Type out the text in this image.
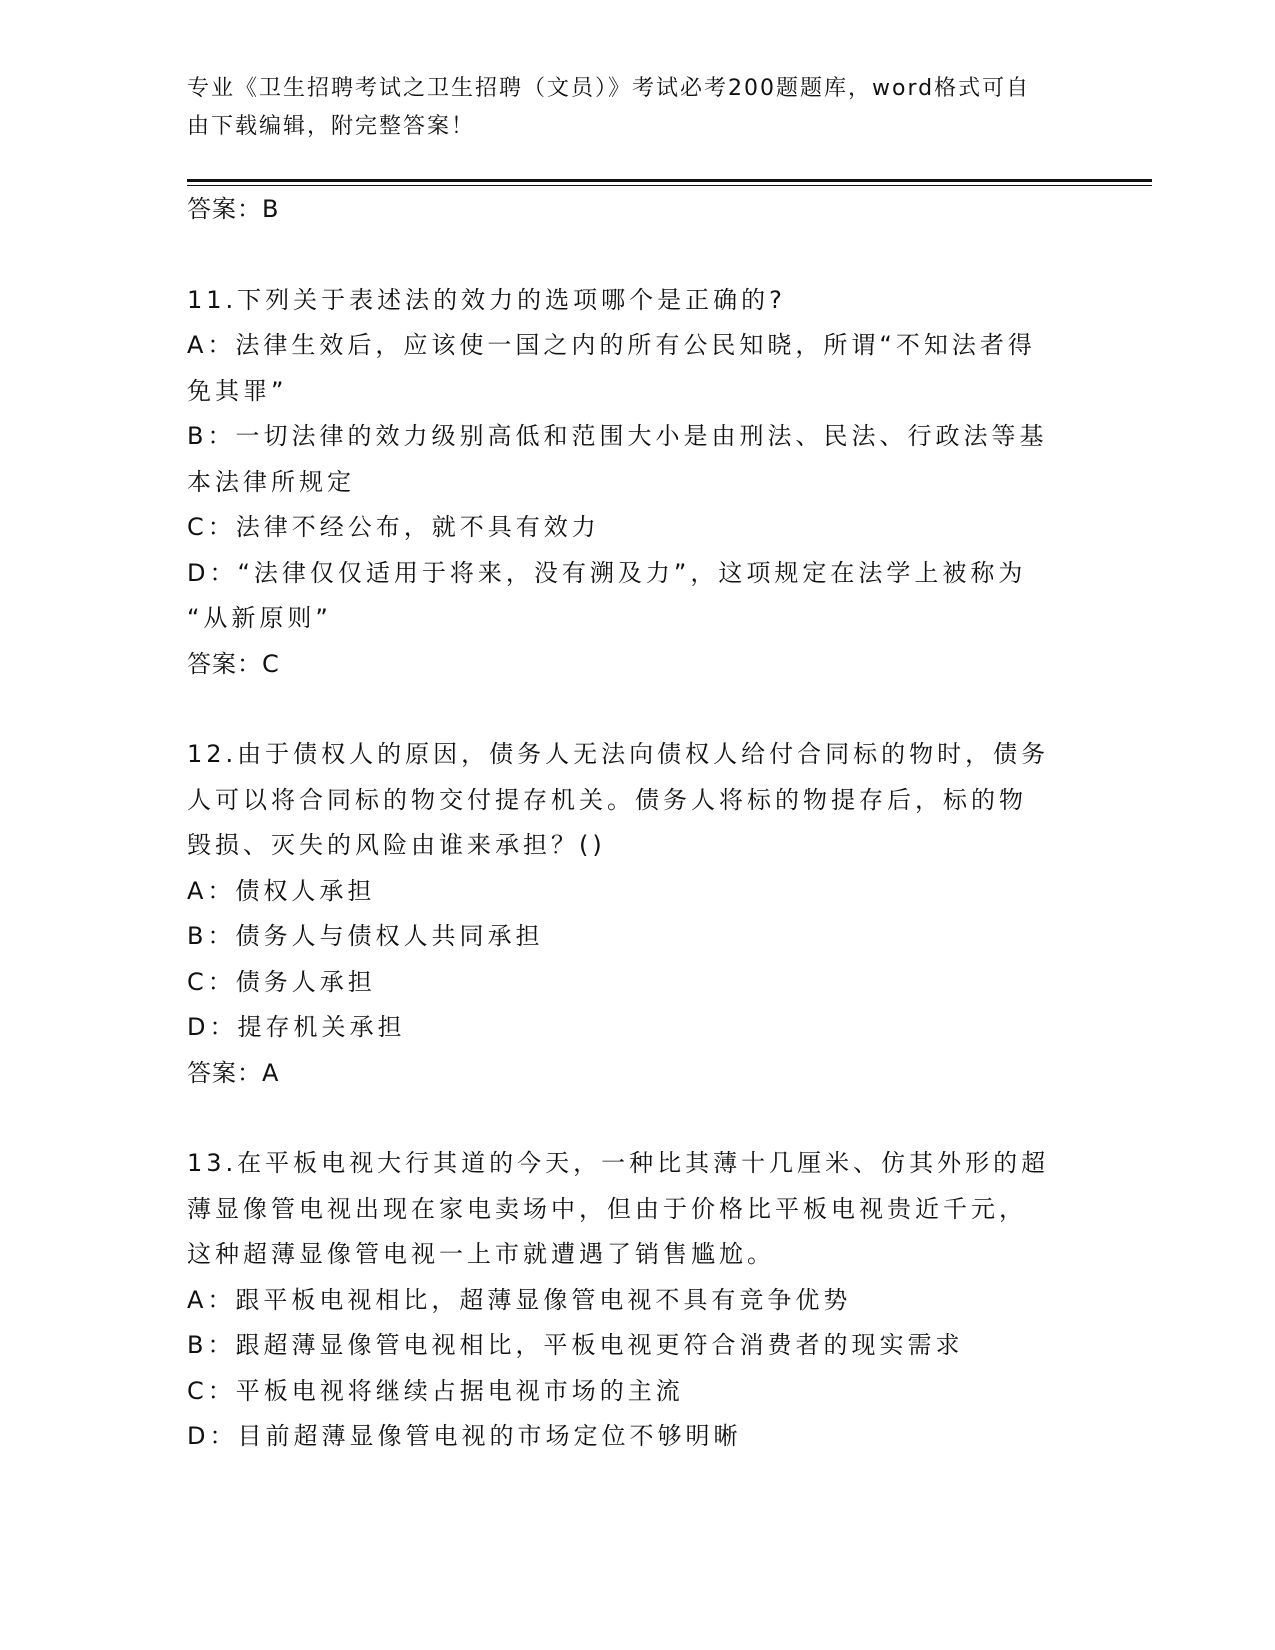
专业《卫生招聘考试之卫生招聘（文员）》考试必考200题题库，word格式可自
由下载编辑，附完整答案！
答案：B
11.下列关于表述法的效力的选项哪个是正确的?
A：法律生效后，应该使一国之内的所有公民知晓，所谓“不知法者得
免其罪”
B：一切法律的效力级别高低和范围大小是由刑法、民法、行政法等基
本法律所规定
C：法律不经公布，就不具有效力
D：“法律仅仅适用于将来，没有溯及力”，这项规定在法学上被称为
“从新原则”
答案：C
12.由于债权人的原因，债务人无法向债权人给付合同标的物时，债务
人可以将合同标的物交付提存机关。债务人将标的物提存后，标的物
毁损、灭失的风险由谁来承担？()
A：债权人承担
B：债务人与债权人共同承担
C：债务人承担
D：提存机关承担
答案：A
13.在平板电视大行其道的今天，一种比其薄十几厘米、仿其外形的超
薄显像管电视出现在家电卖场中，但由于价格比平板电视贵近千元，
这种超薄显像管电视一上市就遭遇了销售尴尬。
A：跟平板电视相比，超薄显像管电视不具有竞争优势
B：跟超薄显像管电视相比，平板电视更符合消费者的现实需求
C：平板电视将继续占据电视市场的主流
D：目前超薄显像管电视的市场定位不够明晰
